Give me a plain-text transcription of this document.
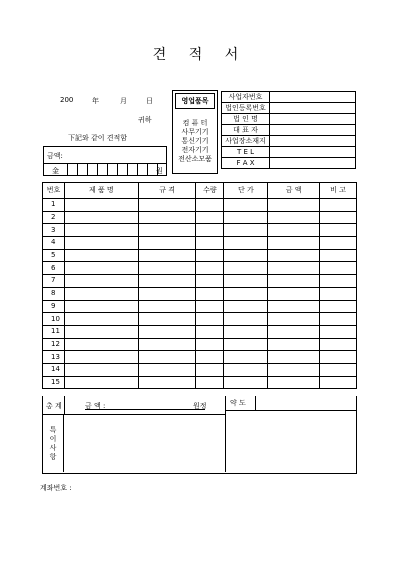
견 적 서
200	年	月	日
귀하
下記와 같이 견적함
금액:
金	원
영업품목
컴 퓨 터
사무기기
통신기기
전자기기
전산소모품
사업자번호	
법인등록번호	
법 인 명	
대 표 자	
사업장소재지	
T E L	
F A X	
번호	제 품 명	규 격	수량	단 가	금 액	비 고
1						
2						
3						
4						
5						
6						
7						
8						
9						
10						
11						
12						
13						
14						
15						
총 계	금 액 :	원정	약 도
특
이
사
항
계좌번호 :
